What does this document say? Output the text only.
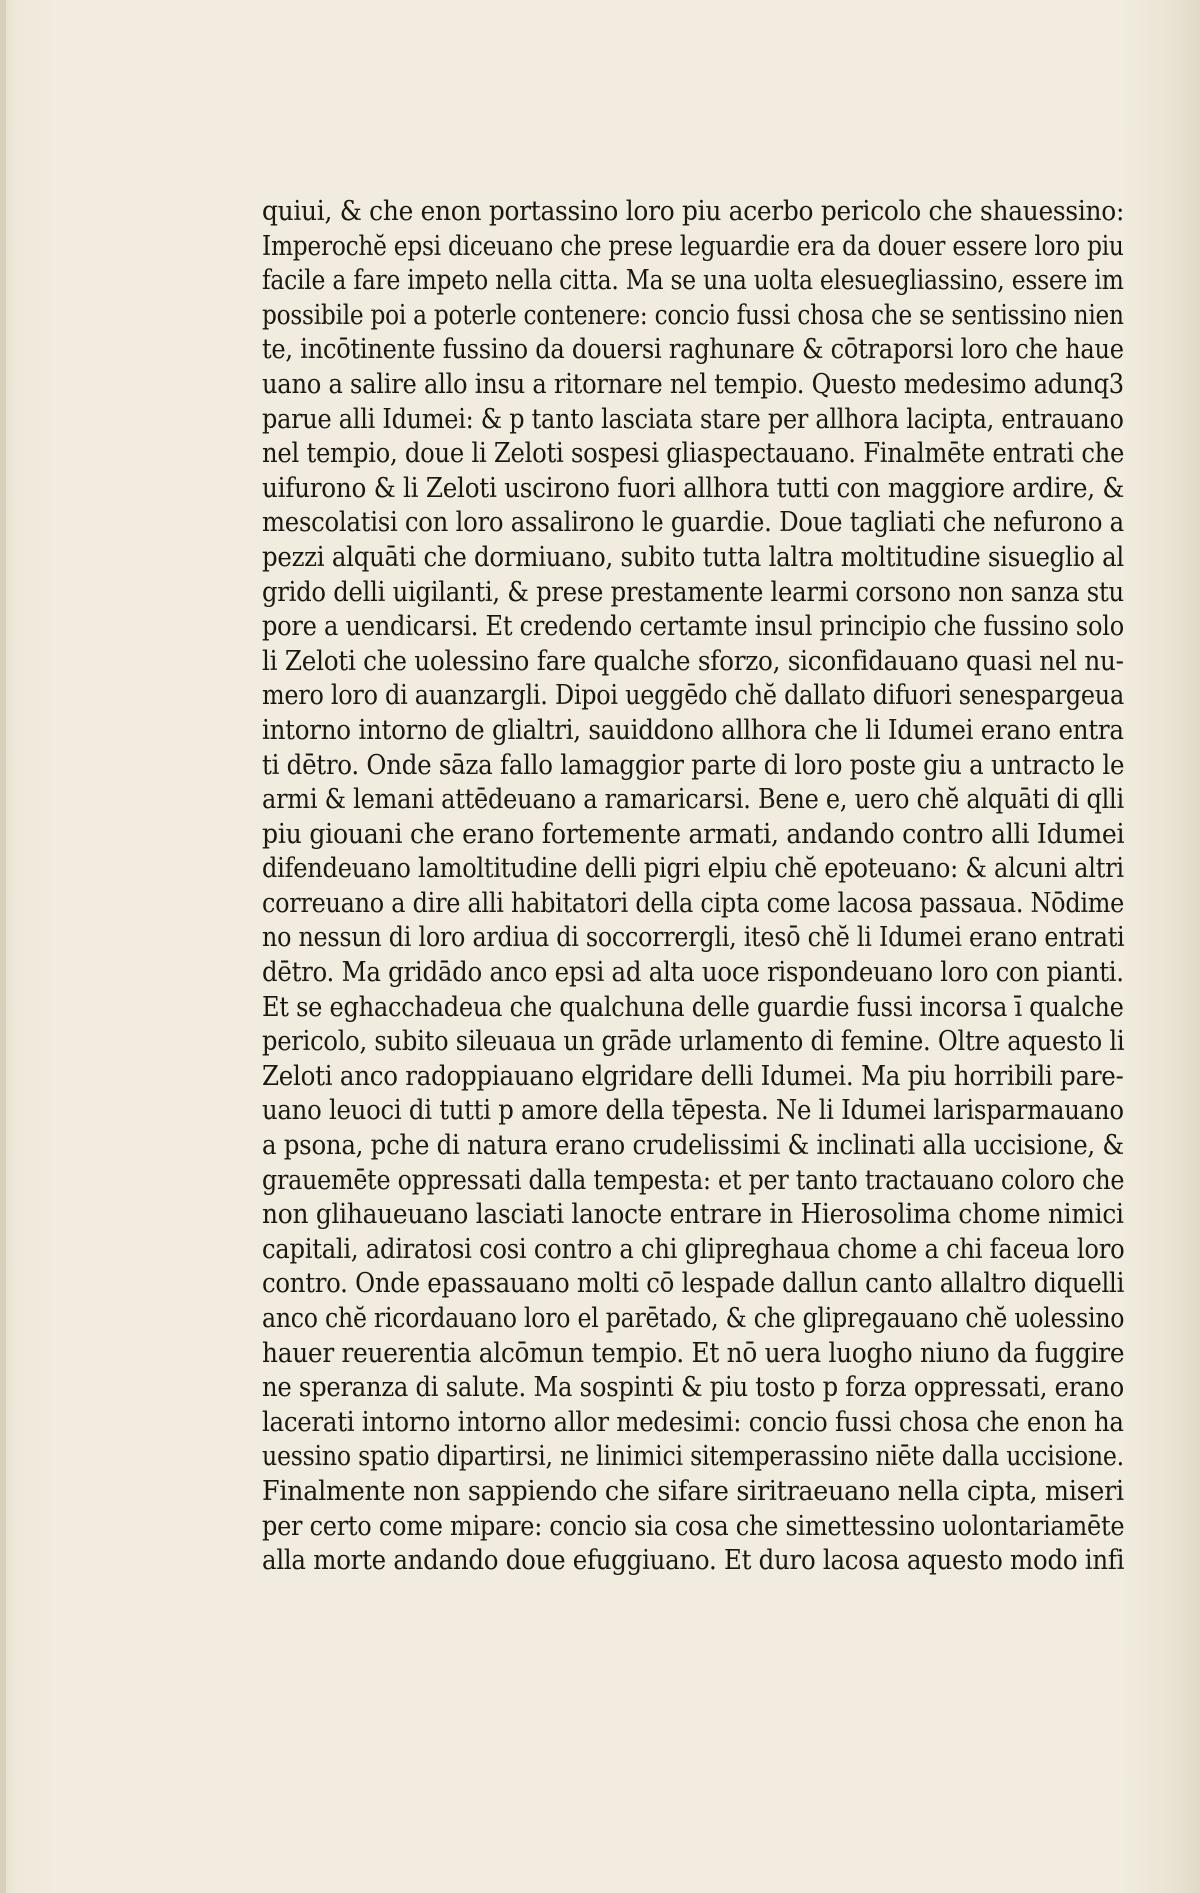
quiui, & che enon portassino loro piu acerbo pericolo che shauessino:
Imperochĕ epsi diceuano che prese leguardie era da douer essere loro piu
facile a fare impeto nella citta. Ma se una uolta elesuegliassino, essere im
possibile poi a poterle contenere: concio fussi chosa che se sentissino nien
te, incōtinente fussino da douersi raghunare & cōtraporsi loro che haue
uano a salire allo insu a ritornare nel tempio. Questo medesimo adunq3
parue alli Idumei: & p tanto lasciata stare per allhora lacipta, entrauano
nel tempio, doue li Zeloti sospesi gliaspectauano. Finalmēte entrati che
uifurono & li Zeloti uscirono fuori allhora tutti con maggiore ardire, &
mescolatisi con loro assalirono le guardie. Doue tagliati che nefurono a
pezzi alquāti che dormiuano, subito tutta laltra moltitudine sisueglio al
grido delli uigilanti, & prese prestamente learmi corsono non sanza stu
pore a uendicarsi. Et credendo certamte insul principio che fussino solo
li Zeloti che uolessino fare qualche sforzo, siconfidauano quasi nel nu-
mero loro di auanzargli. Dipoi ueggēdo chĕ dallato difuori senespargeua
intorno intorno de glialtri, sauiddono allhora che li Idumei erano entra
ti dētro. Onde sāza fallo lamaggior parte di loro poste giu a untracto le
armi & lemani attēdeuano a ramaricarsi. Bene e, uero chĕ alquāti di qlli
piu giouani che erano fortemente armati, andando contro alli Idumei
difendeuano lamoltitudine delli pigri elpiu chĕ epoteuano: & alcuni altri
correuano a dire alli habitatori della cipta come lacosa passaua. Nōdime
no nessun di loro ardiua di soccorrergli, itesō chĕ li Idumei erano entrati
dētro. Ma gridādo anco epsi ad alta uoce rispondeuano loro con pianti.
Et se eghacchadeua che qualchuna delle guardie fussi incorsa ī qualche
pericolo, subito sileuaua un grāde urlamento di femine. Oltre aquesto li
Zeloti anco radoppiauano elgridare delli Idumei. Ma piu horribili pare-
uano leuoci di tutti p amore della tēpesta. Ne li Idumei larisparmauano
a psona, pche di natura erano crudelissimi & inclinati alla uccisione, &
grauemēte oppressati dalla tempesta: et per tanto tractauano coloro che
non glihaueuano lasciati lanocte entrare in Hierosolima chome nimici
capitali, adiratosi cosi contro a chi glipreghaua chome a chi faceua loro
contro. Onde epassauano molti cō lespade dallun canto allaltro diquelli
anco chĕ ricordauano loro el parētado, & che glipregauano chĕ uolessino
hauer reuerentia alcōmun tempio. Et nō uera luogho niuno da fuggire
ne speranza di salute. Ma sospinti & piu tosto p forza oppressati, erano
lacerati intorno intorno allor medesimi: concio fussi chosa che enon ha
uessino spatio dipartirsi, ne linimici sitemperassino niēte dalla uccisione.
Finalmente non sappiendo che sifare siritraeuano nella cipta, miseri
per certo come mipare: concio sia cosa che simettessino uolontariamēte
alla morte andando doue efuggiuano. Et duro lacosa aquesto modo infi
